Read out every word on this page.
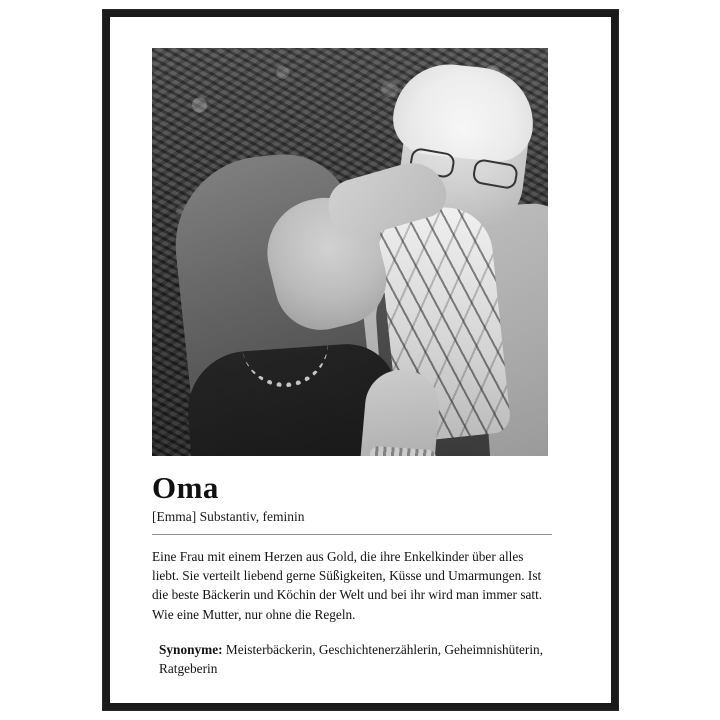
Oma

[Emma] Substantiv, feminin

Eine Frau mit einem Herzen aus Gold, die ihre Enkelkinder über alles liebt. Sie verteilt liebend gerne Süßigkeiten, Küsse und Umarmungen. Ist die beste Bäckerin und Köchin der Welt und bei ihr wird man immer satt. Wie eine Mutter, nur ohne die Regeln.

Synonyme: Meisterbäckerin, Geschichtenerzählerin, Geheimnishüterin, Ratgeberin
